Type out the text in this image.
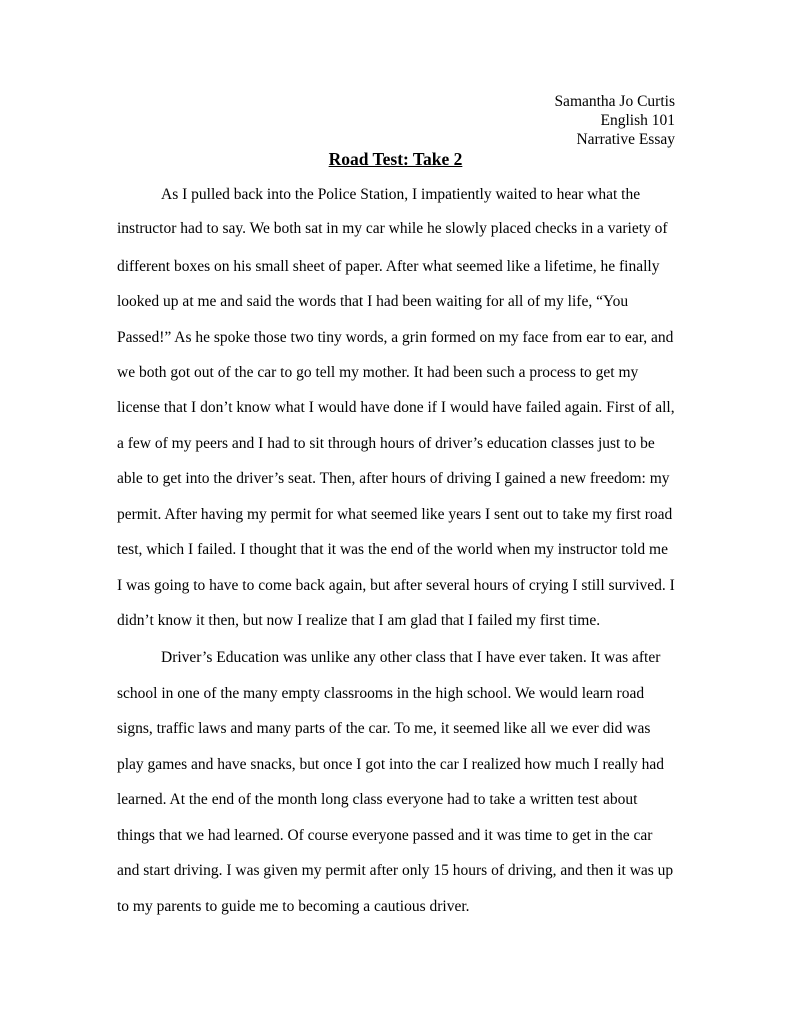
Samantha Jo Curtis
English 101
Narrative Essay
Road Test: Take 2
As I pulled back into the Police Station, I impatiently waited to hear what the
instructor had to say. We both sat in my car while he slowly placed checks in a variety of
different boxes on his small sheet of paper. After what seemed like a lifetime, he finally
looked up at me and said the words that I had been waiting for all of my life, “You
Passed!” As he spoke those two tiny words, a grin formed on my face from ear to ear, and
we both got out of the car to go tell my mother. It had been such a process to get my
license that I don’t know what I would have done if I would have failed again. First of all,
a few of my peers and I had to sit through hours of driver’s education classes just to be
able to get into the driver’s seat. Then, after hours of driving I gained a new freedom: my
permit. After having my permit for what seemed like years I sent out to take my first road
test, which I failed. I thought that it was the end of the world when my instructor told me
I was going to have to come back again, but after several hours of crying I still survived. I
didn’t know it then, but now I realize that I am glad that I failed my first time.
Driver’s Education was unlike any other class that I have ever taken. It was after
school in one of the many empty classrooms in the high school. We would learn road
signs, traffic laws and many parts of the car. To me, it seemed like all we ever did was
play games and have snacks, but once I got into the car I realized how much I really had
learned. At the end of the month long class everyone had to take a written test about
things that we had learned. Of course everyone passed and it was time to get in the car
and start driving. I was given my permit after only 15 hours of driving, and then it was up
to my parents to guide me to becoming a cautious driver.
